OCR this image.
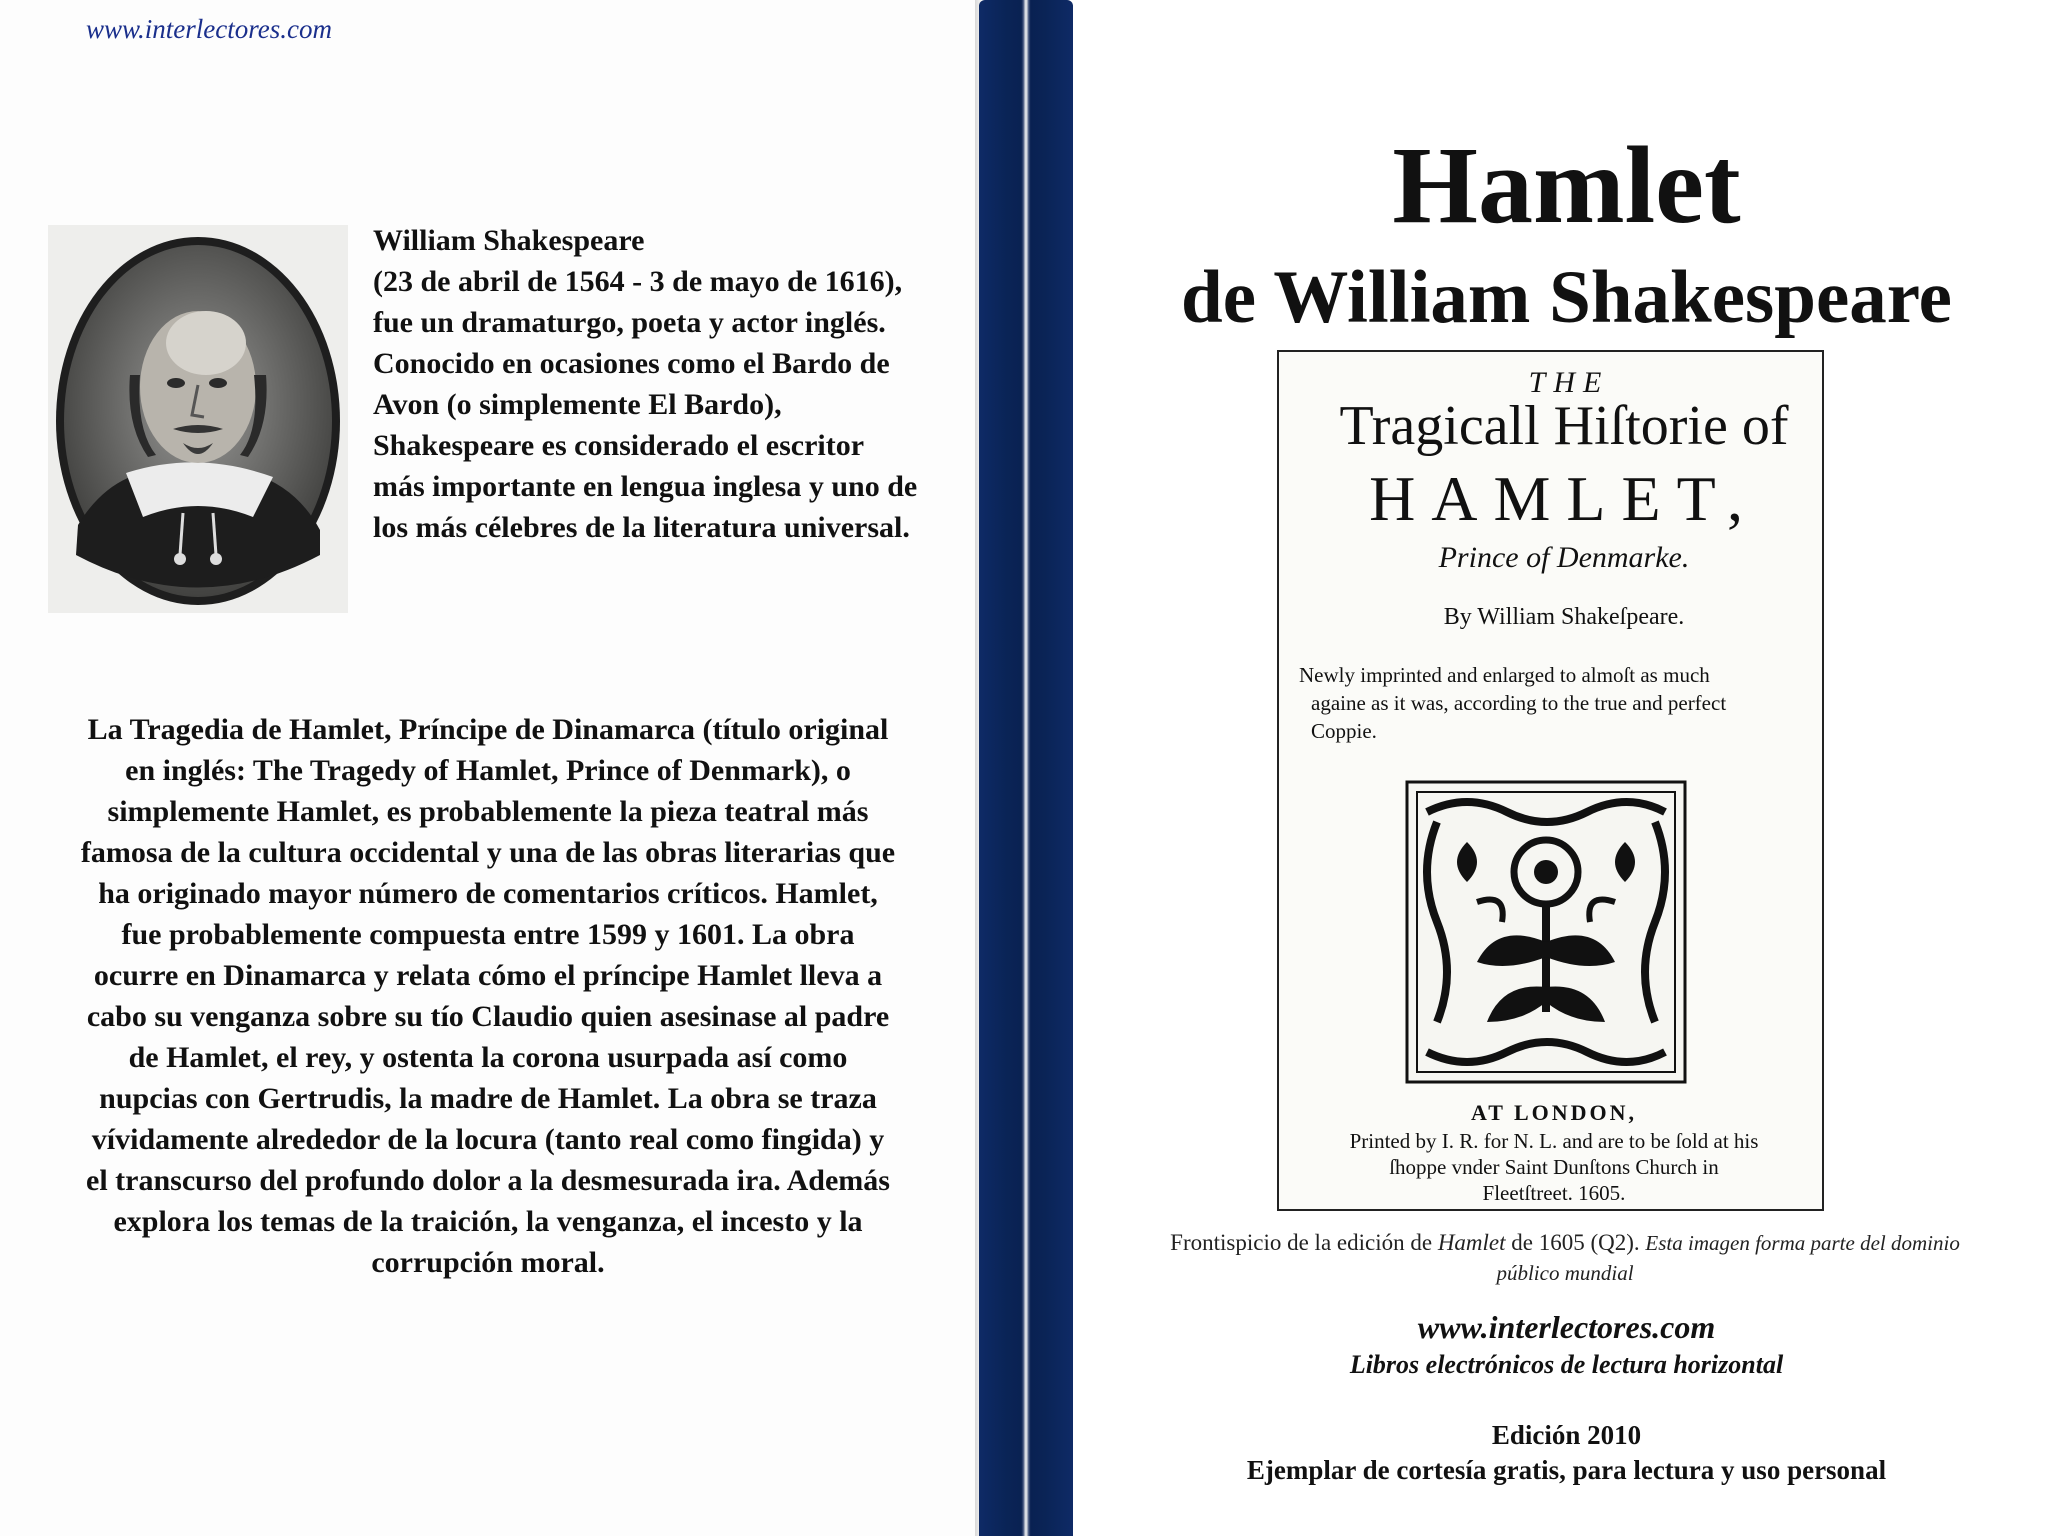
www.interlectores.com
William Shakespeare
(23 de abril de 1564 - 3 de mayo de 1616), fue un dramaturgo, poeta y actor inglés. Conocido en ocasiones como el Bardo de Avon (o simplemente El Bardo), Shakespeare es considerado el escritor más importante en lengua inglesa y uno de los más célebres de la literatura universal.
La Tragedia de Hamlet, Príncipe de Dinamarca (título original en inglés: The Tragedy of Hamlet, Prince of Denmark), o simplemente Hamlet, es probablemente la pieza teatral más famosa de la cultura occidental y una de las obras literarias que ha originado mayor número de comentarios críticos. Hamlet, fue probablemente compuesta entre 1599 y 1601. La obra ocurre en Dinamarca y relata cómo el príncipe Hamlet lleva a cabo su venganza sobre su tío Claudio quien asesinase al padre de Hamlet, el rey, y ostenta la corona usurpada así como nupcias con Gertrudis, la madre de Hamlet. La obra se traza vívidamente alrededor de la locura (tanto real como fingida) y el transcurso del profundo dolor a la desmesurada ira. Además explora los temas de la traición, la venganza, el incesto y la corrupción moral.
Hamlet
de William Shakespeare
THE
Tragicall Hiſtorie of
HAMLET,
Prince of Denmarke.
By William Shakeſpeare.
Newly imprinted and enlarged to almoſt as much
againe as it was, according to the true and perfect
Coppie.
AT LONDON,
Printed by I. R. for N. L. and are to be ſold at his
ſhoppe vnder Saint Dunſtons Church in
Fleetſtreet. 1605.
Frontispicio de la edición de Hamlet de 1605 (Q2). Esta imagen forma parte del dominio público mundial
www.interlectores.com
Libros electrónicos de lectura horizontal
Edición 2010
Ejemplar de cortesía gratis, para lectura y uso personal
